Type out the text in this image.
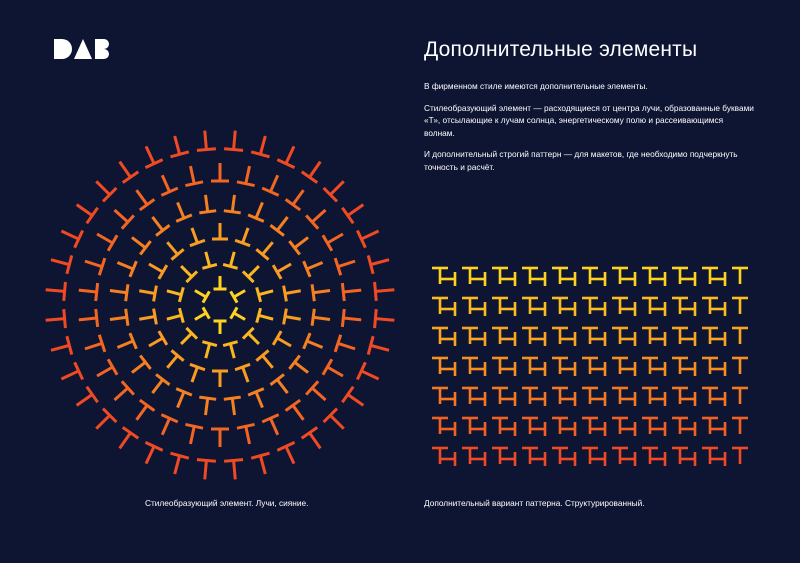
Дополнительные элементы

В фирменном стиле имеются дополнительные элементы.

Стилеобразующий элемент — расходящиеся от центра лучи, образованные буквами «Т», отсылающие к лучам солнца, энергетическому полю и рассеивающимся волнам.

И дополнительный строгий паттерн — для макетов, где необходимо подчеркнуть точность и расчёт.

Стилеобразующий элемент. Лучи, сияние.	Дополнительный вариант паттерна. Структурированный.
